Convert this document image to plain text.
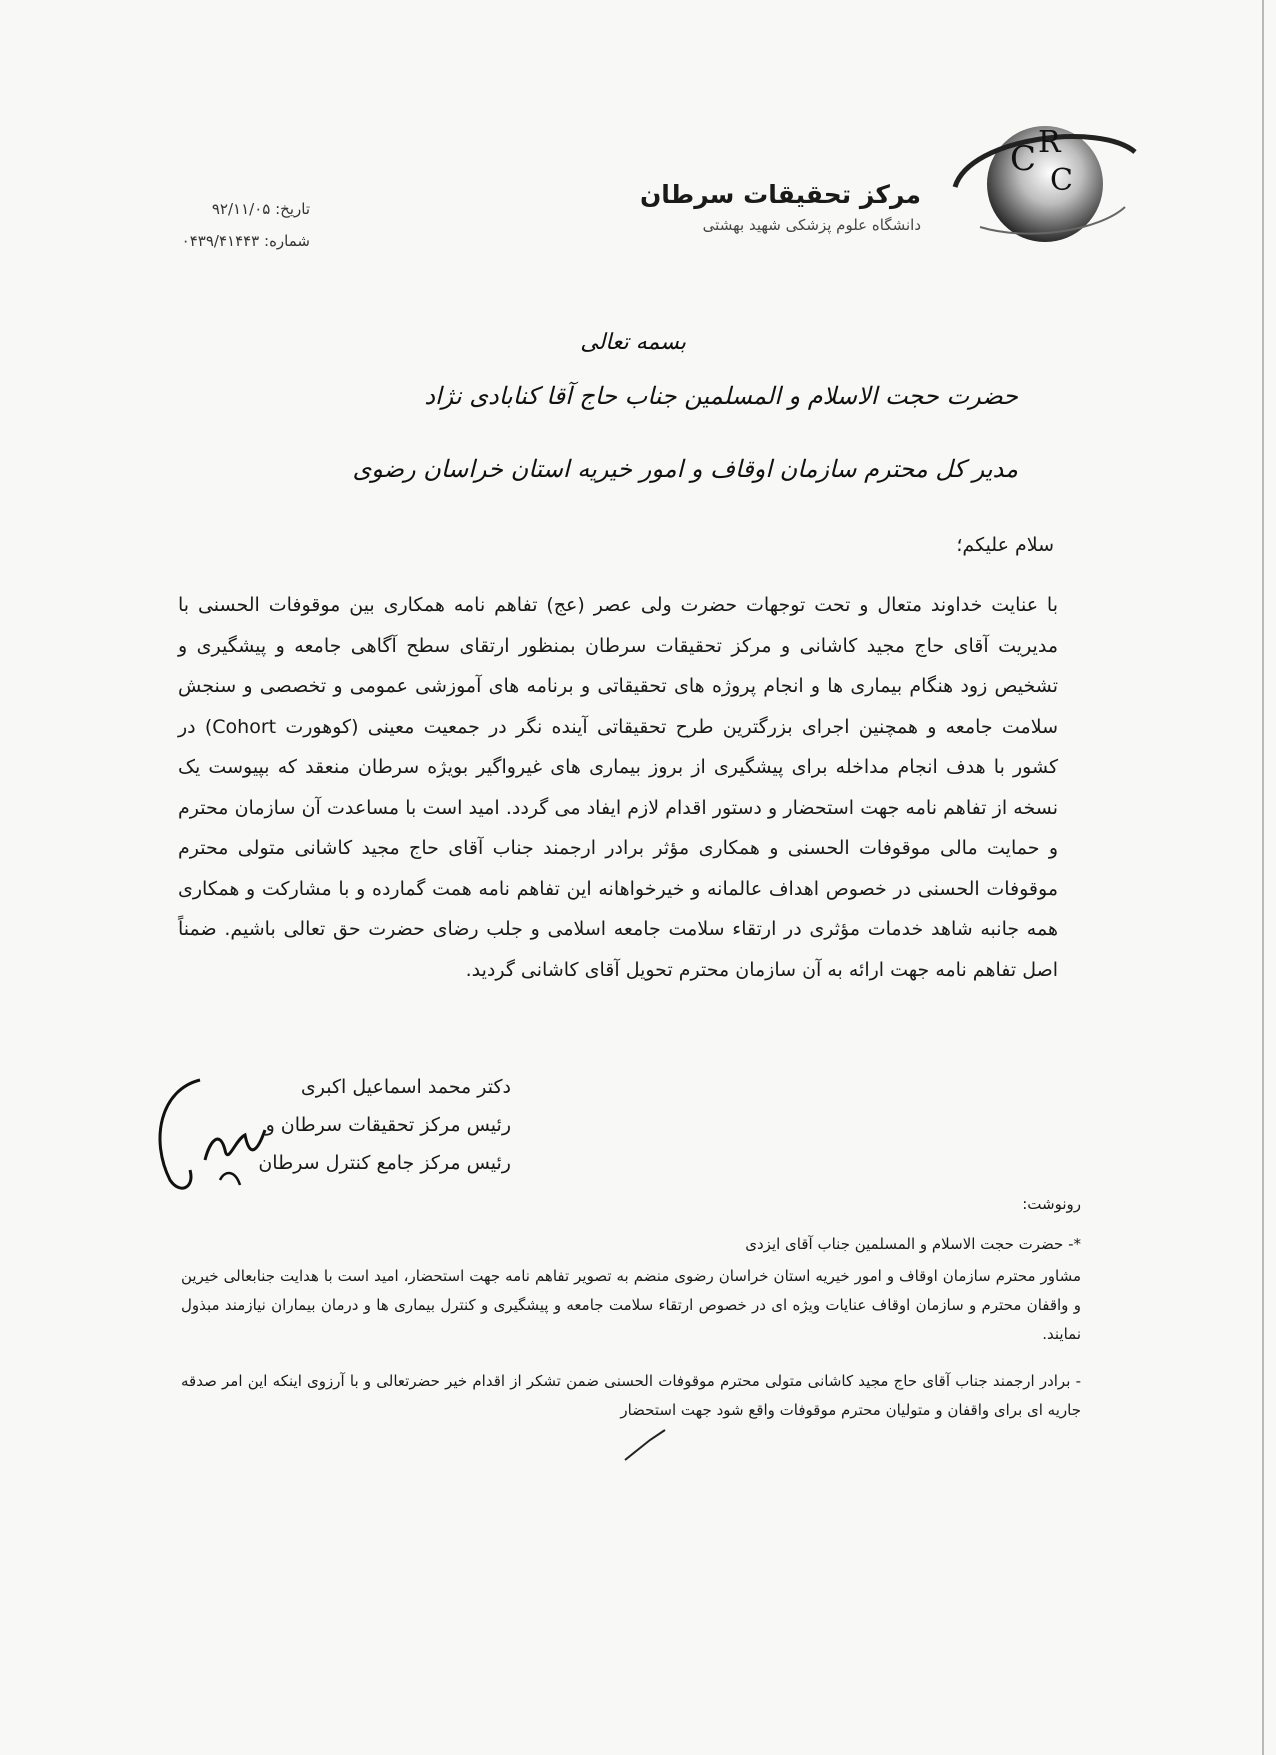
C R
C
مرکز تحقیقات سرطان
دانشگاه علوم پزشکی شهید بهشتی
تاریخ: ۹۲/۱۱/۰۵
شماره: ۰۴۳۹/۴۱۴۴۳
بسمه تعالی
حضرت حجت الاسلام و المسلمین جناب حاج آقا کنابادی نژاد
مدیر کل محترم سازمان اوقاف و امور خیریه استان خراسان رضوی
سلام علیکم؛
با عنایت خداوند متعال و تحت توجهات حضرت ولی عصر (عج) تفاهم نامه همکاری بین موقوفات الحسنی با مدیریت آقای حاج مجید کاشانی و مرکز تحقیقات سرطان بمنظور ارتقای سطح آگاهی جامعه و پیشگیری و تشخیص زود هنگام بیماری ها و انجام پروژه های تحقیقاتی و برنامه های آموزشی عمومی و تخصصی و سنجش سلامت جامعه و همچنین اجرای بزرگترین طرح تحقیقاتی آینده نگر در جمعیت معینی (کوهورت Cohort) در کشور با هدف انجام مداخله برای پیشگیری از بروز بیماری های غیرواگیر بویژه سرطان منعقد که بپیوست یک نسخه از تفاهم نامه جهت استحضار و دستور اقدام لازم ایفاد می گردد. امید است با مساعدت آن سازمان محترم و حمایت مالی موقوفات الحسنی و همکاری مؤثر برادر ارجمند جناب آقای حاج مجید کاشانی متولی محترم موقوفات الحسنی در خصوص اهداف عالمانه و خیرخواهانه این تفاهم نامه همت گمارده و با مشارکت و همکاری همه جانبه شاهد خدمات مؤثری در ارتقاء سلامت جامعه اسلامی و جلب رضای حضرت حق تعالی باشیم. ضمناً اصل تفاهم نامه جهت ارائه به آن سازمان محترم تحویل آقای کاشانی گردید.
دکتر محمد اسماعیل اکبری
رئیس مرکز تحقیقات سرطان و
رئیس مرکز جامع کنترل سرطان
رونوشت:
*- حضرت حجت الاسلام و المسلمین جناب آقای ایزدی
مشاور محترم سازمان اوقاف و امور خیریه استان خراسان رضوی منضم به تصویر تفاهم نامه جهت استحضار، امید است با هدایت جنابعالی خیرین و واقفان محترم و سازمان اوقاف عنایات ویژه ای در خصوص ارتقاء سلامت جامعه و پیشگیری و کنترل بیماری ها و درمان بیماران نیازمند مبذول نمایند.
- برادر ارجمند جناب آقای حاج مجید کاشانی متولی محترم موقوفات الحسنی ضمن تشکر از اقدام خیر حضرتعالی و با آرزوی اینکه این امر صدقه جاریه ای برای واقفان و متولیان محترم موقوفات واقع شود جهت استحضار
